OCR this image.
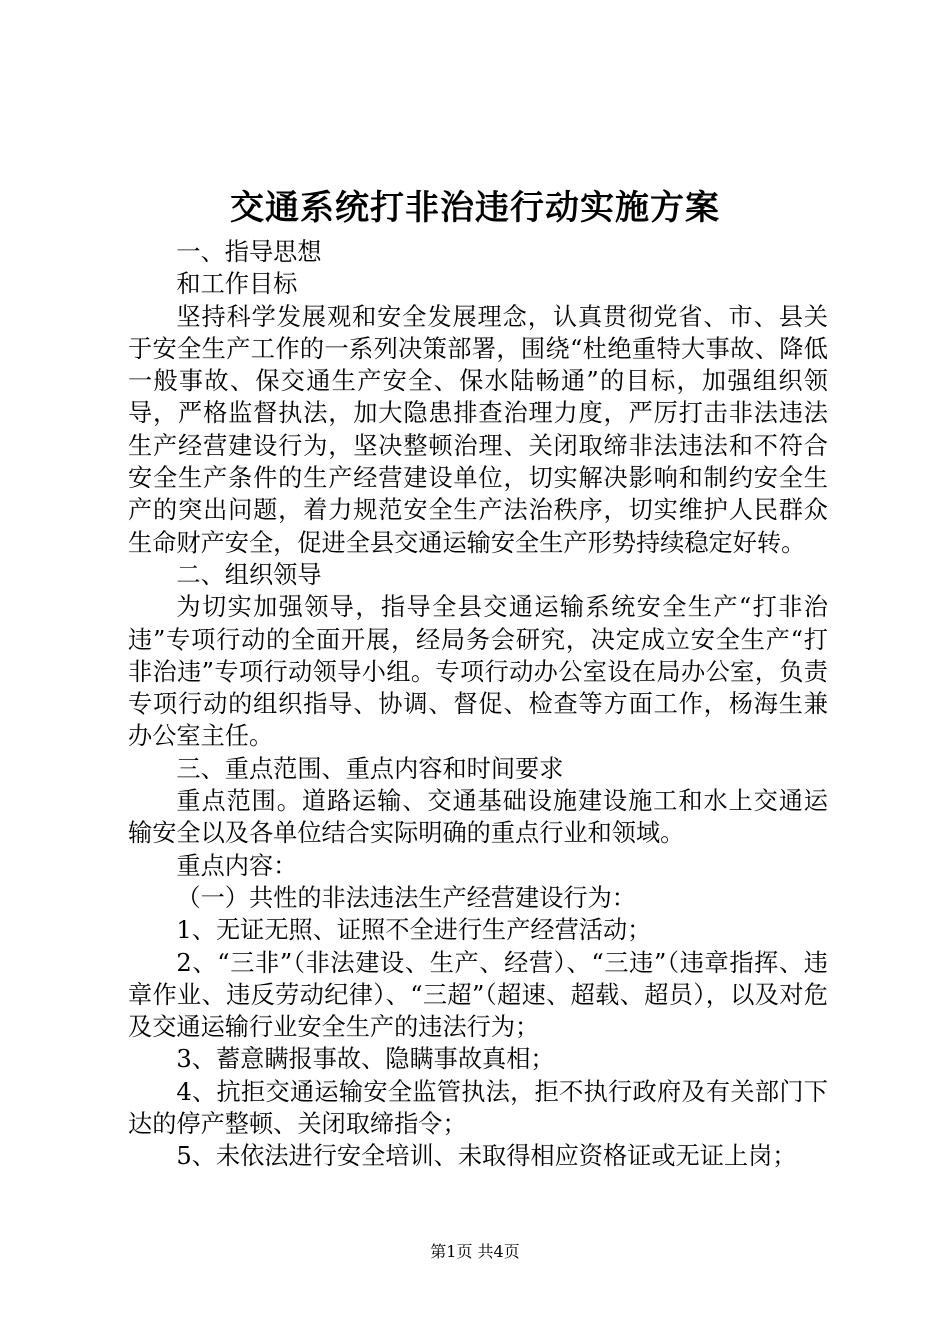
交通系统打非治违行动实施方案

一、指导思想

和工作目标

坚持科学发展观和安全发展理念，认真贯彻党省、市、县关于安全生产工作的一系列决策部署，围绕“杜绝重特大事故、降低一般事故、保交通生产安全、保水陆畅通”的目标，加强组织领导，严格监督执法，加大隐患排查治理力度，严厉打击非法违法生产经营建设行为，坚决整顿治理、关闭取缔非法违法和不符合安全生产条件的生产经营建设单位，切实解决影响和制约安全生产的突出问题，着力规范安全生产法治秩序，切实维护人民群众生命财产安全，促进全县交通运输安全生产形势持续稳定好转。

二、组织领导

为切实加强领导，指导全县交通运输系统安全生产“打非治违”专项行动的全面开展，经局务会研究，决定成立安全生产“打非治违”专项行动领导小组。专项行动办公室设在局办公室，负责专项行动的组织指导、协调、督促、检查等方面工作，杨海生兼办公室主任。

三、重点范围、重点内容和时间要求

重点范围。道路运输、交通基础设施建设施工和水上交通运输安全以及各单位结合实际明确的重点行业和领域。

重点内容：

（一）共性的非法违法生产经营建设行为：

1、无证无照、证照不全进行生产经营活动；

2、“三非”（非法建设、生产、经营）、“三违”（违章指挥、违章作业、违反劳动纪律）、“三超”（超速、超载、超员），以及对危及交通运输行业安全生产的违法行为；

3、蓄意瞒报事故、隐瞒事故真相；

4、抗拒交通运输安全监管执法，拒不执行政府及有关部门下达的停产整顿、关闭取缔指令；

5、未依法进行安全培训、未取得相应资格证或无证上岗；

第1页 共4页
